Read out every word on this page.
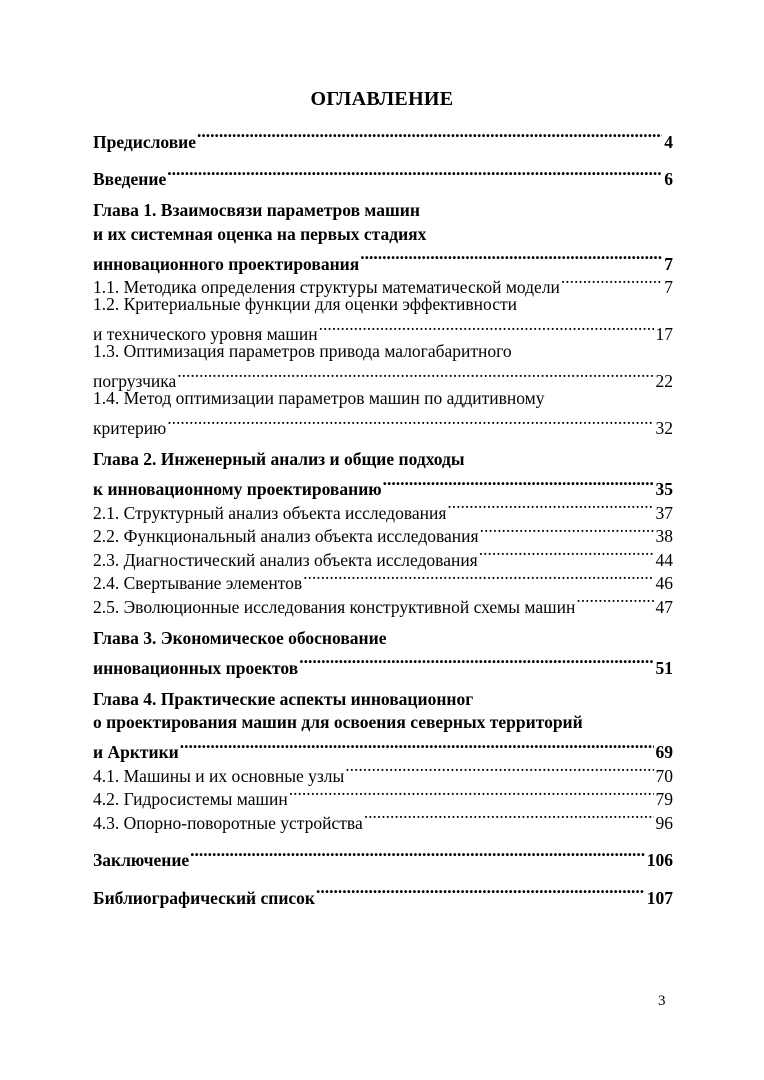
ОГЛАВЛЕНИЕ
Предисловие .....	4
Введение .....	6
Глава 1. Взаимосвязи параметров машин
и их системная оценка на первых стадиях
инновационного проектирования .....	7
1.1. Методика определения структуры математической модели .....	7
1.2. Критериальные функции для оценки эффективности
и технического уровня машин .....	17
1.3. Оптимизация параметров привода малогабаритного
погрузчика .....	22
1.4. Метод оптимизации параметров машин по аддитивному
критерию .....	32
Глава 2. Инженерный анализ и общие подходы
к инновационному проектированию .....	35
2.1. Структурный анализ объекта исследования .....	37
2.2. Функциональный анализ объекта исследования .....	38
2.3. Диагностический анализ объекта исследования .....	44
2.4. Свертывание элементов .....	46
2.5. Эволюционные исследования конструктивной схемы машин .....	47
Глава 3. Экономическое обоснование
инновационных проектов .....	51
Глава 4. Практические аспекты инновационног
о проектирования машин для освоения северных территорий
и Арктики .....	69
4.1. Машины и их основные узлы .....	70
4.2. Гидросистемы машин .....	79
4.3. Опорно-поворотные устройства .....	96
Заключение .....	106
Библиографический список .....	107
3
